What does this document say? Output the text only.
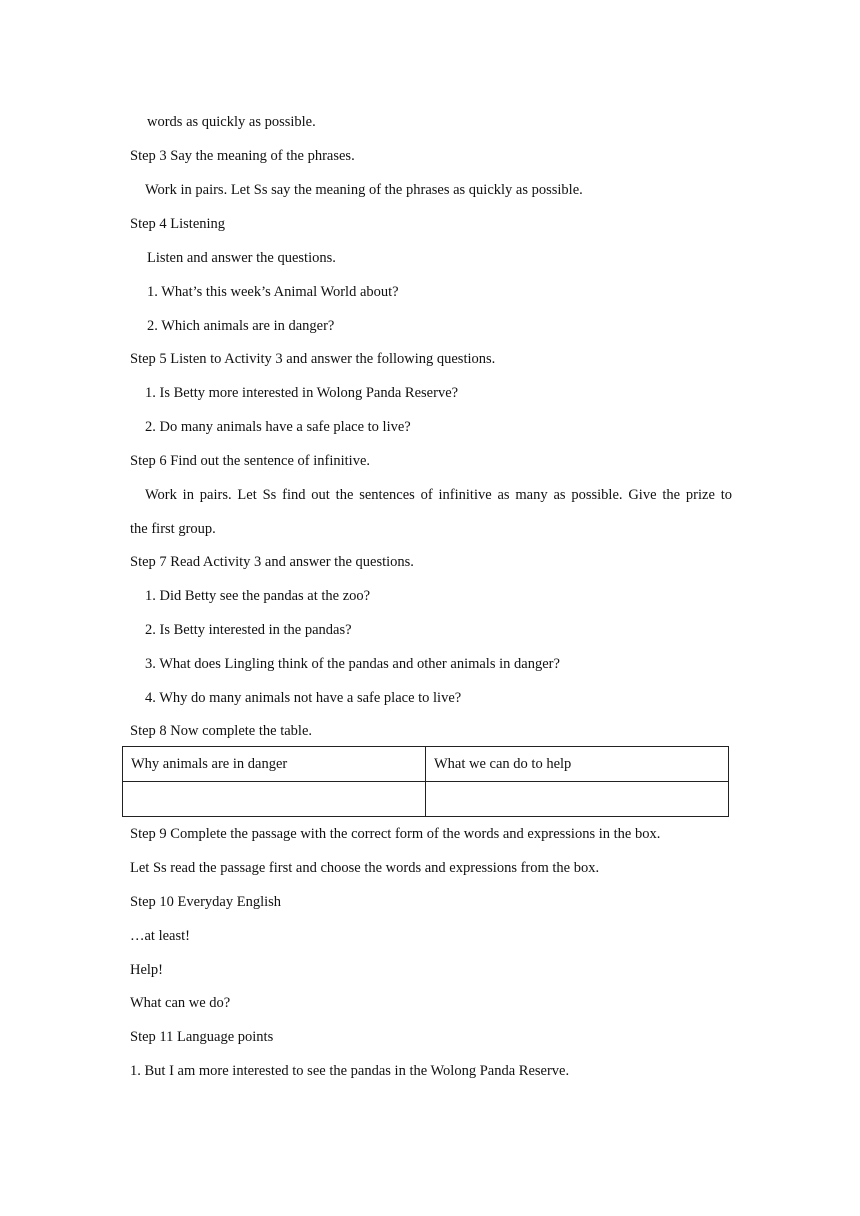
words as quickly as possible.
Step 3 Say the meaning of the phrases.
Work in pairs. Let Ss say the meaning of the phrases as quickly as possible.
Step 4 Listening
Listen and answer the questions.
1. What’s this week’s Animal World about?
2. Which animals are in danger?
Step 5 Listen to Activity 3 and answer the following questions.
1. Is Betty more interested in Wolong Panda Reserve?
2. Do many animals have a safe place to live?
Step 6 Find out the sentence of infinitive.
Work in pairs. Let Ss find out the sentences of infinitive as many as possible. Give the prize to
the first group.
Step 7 Read Activity 3 and answer the questions.
1. Did Betty see the pandas at the zoo?
2. Is Betty interested in the pandas?
3. What does Lingling think of the pandas and other animals in danger?
4. Why do many animals not have a safe place to live?
Step 8 Now complete the table.
Why animals are in danger	What we can do to help

Step 9 Complete the passage with the correct form of the words and expressions in the box.
Let Ss read the passage first and choose the words and expressions from the box.
Step 10 Everyday English
…at least!
Help!
What can we do?
Step 11 Language points
1. But I am more interested to see the pandas in the Wolong Panda Reserve.
